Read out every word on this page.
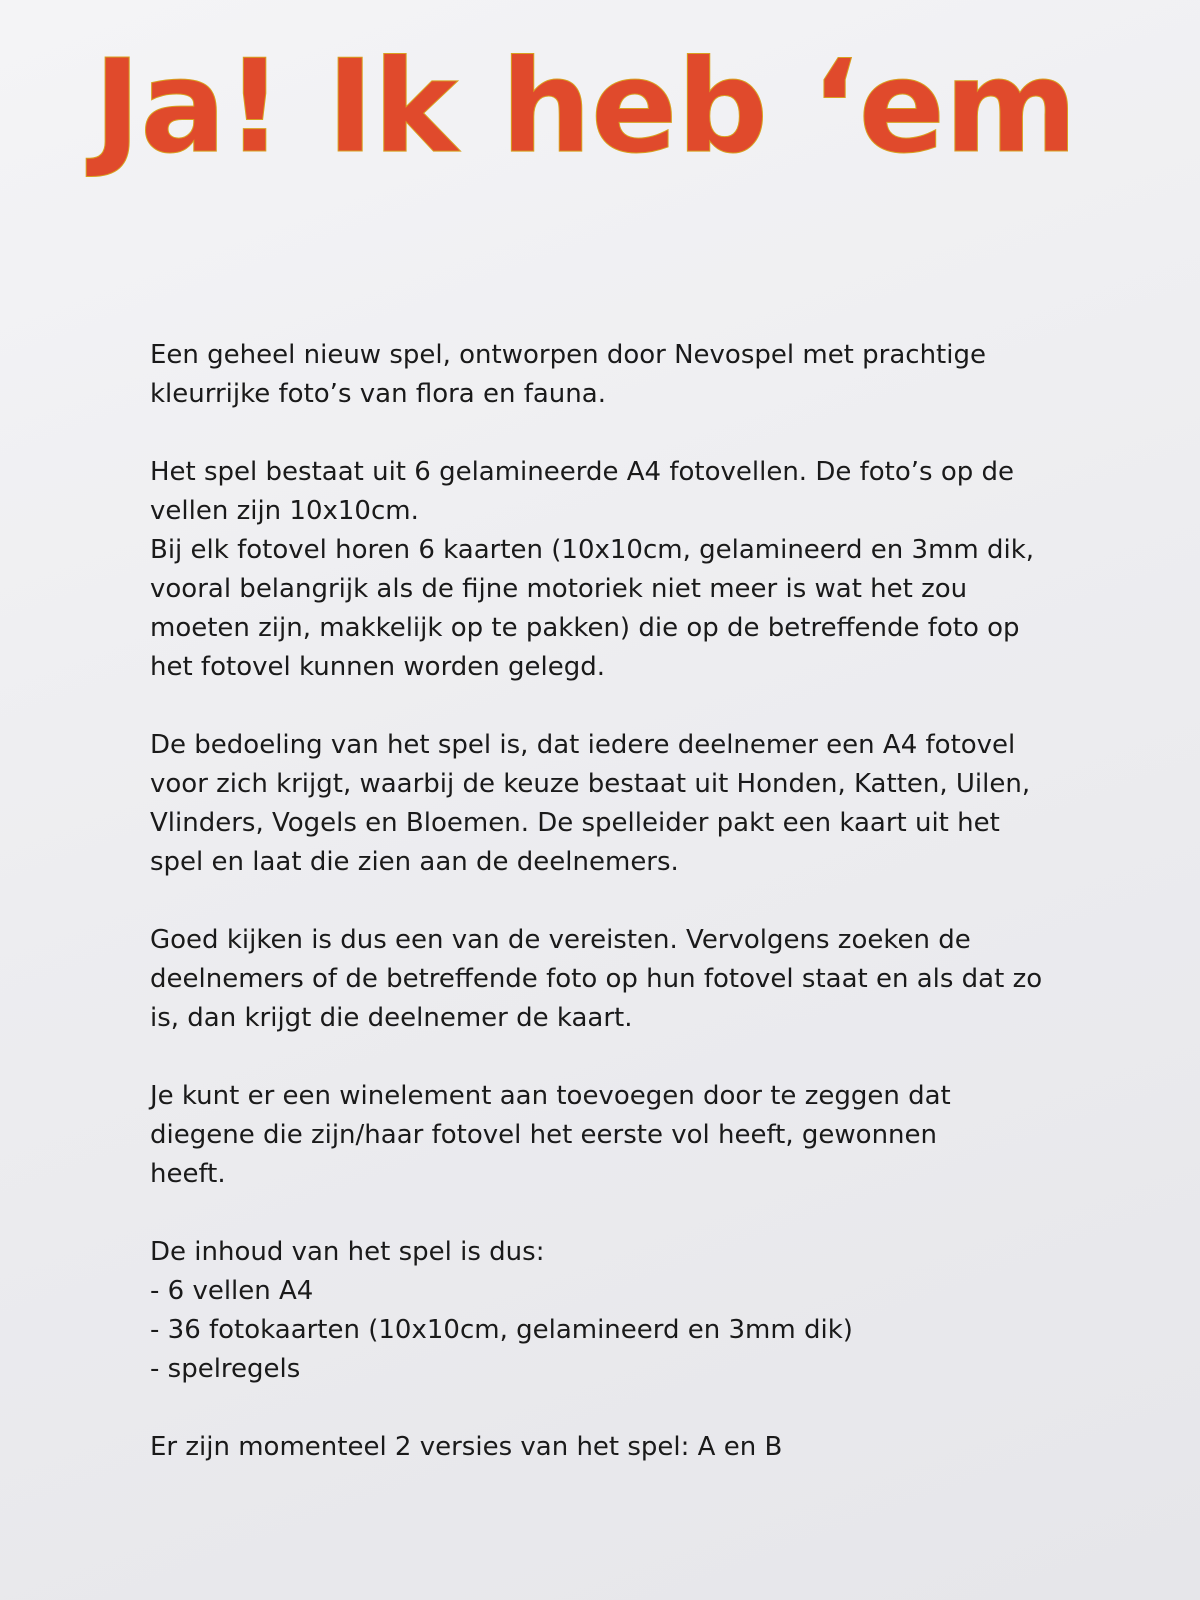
Ja! Ik heb ‘em

Een geheel nieuw spel, ontworpen door Nevospel met prachtige
kleurrijke foto’s van flora en fauna.

Het spel bestaat uit 6 gelamineerde A4 fotovellen. De foto’s op de
vellen zijn 10x10cm.
Bij elk fotovel horen 6 kaarten (10x10cm, gelamineerd en 3mm dik,
vooral belangrijk als de fijne motoriek niet meer is wat het zou
moeten zijn, makkelijk op te pakken) die op de betreffende foto op
het fotovel kunnen worden gelegd.

De bedoeling van het spel is, dat iedere deelnemer een A4 fotovel
voor zich krijgt, waarbij de keuze bestaat uit Honden, Katten, Uilen,
Vlinders, Vogels en Bloemen. De spelleider pakt een kaart uit het
spel en laat die zien aan de deelnemers.

Goed kijken is dus een van de vereisten. Vervolgens zoeken de
deelnemers of de betreffende foto op hun fotovel staat en als dat zo
is, dan krijgt die deelnemer de kaart.

Je kunt er een winelement aan toevoegen door te zeggen dat
diegene die zijn/haar fotovel het eerste vol heeft, gewonnen
heeft.

De inhoud van het spel is dus:
- 6 vellen A4
- 36 fotokaarten (10x10cm, gelamineerd en 3mm dik)
- spelregels

Er zijn momenteel 2 versies van het spel: A en B
